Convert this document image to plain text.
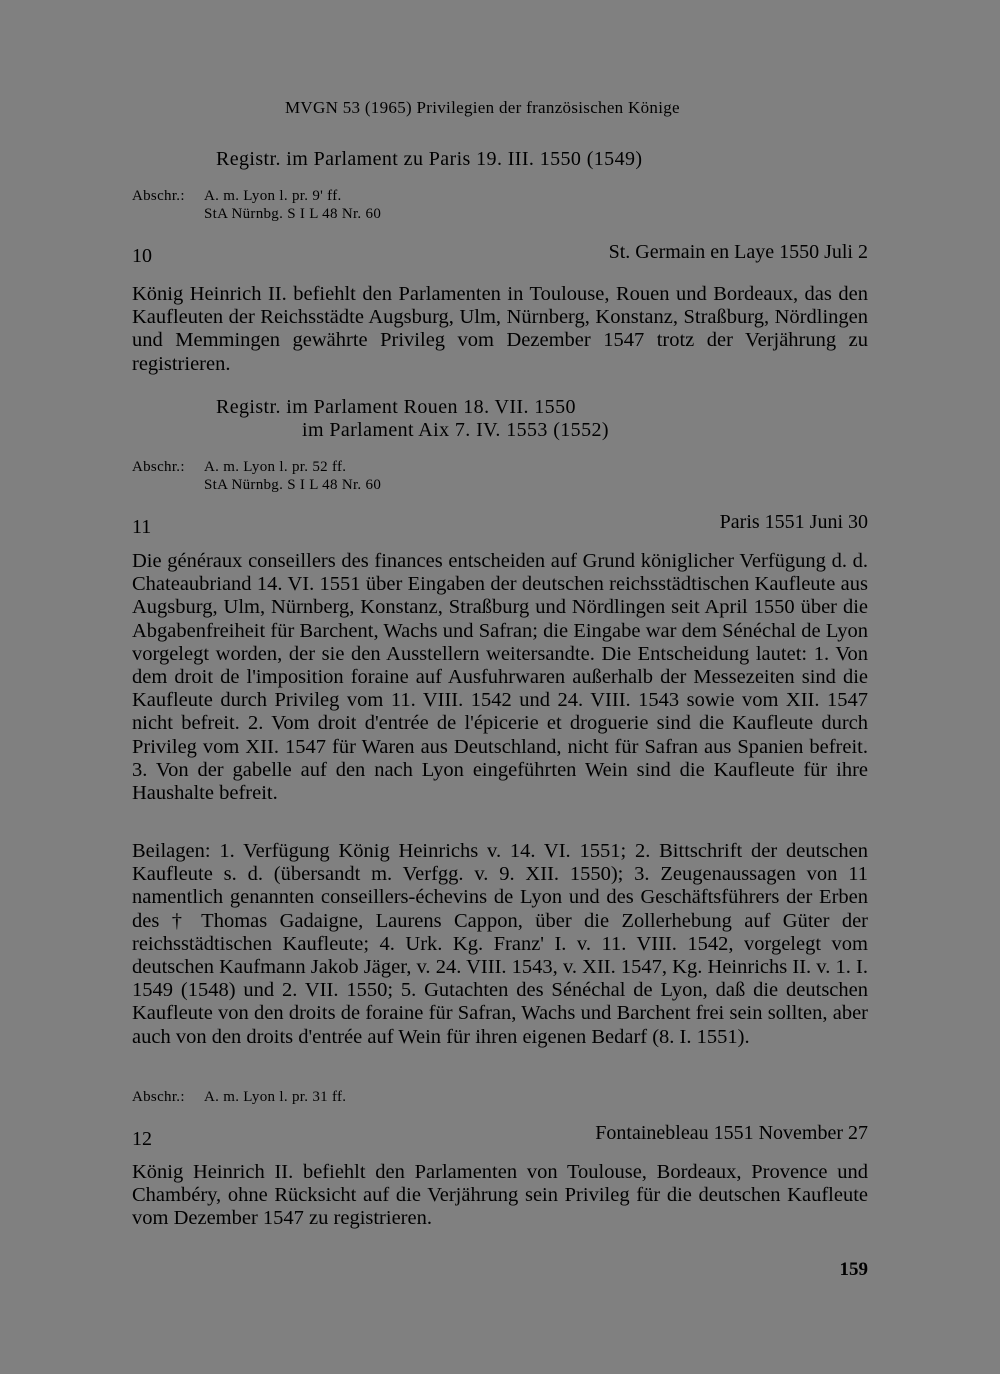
MVGN 53 (1965) Privilegien der französischen Könige
Registr. im Parlament zu Paris 19. III. 1550 (1549)
Abschr.: A. m. Lyon l. pr. 9' ff.
StA Nürnbg. S I L 48 Nr. 60
10	St. Germain en Laye 1550 Juli 2
König Heinrich II. befiehlt den Parlamenten in Toulouse, Rouen und Bordeaux, das den Kaufleuten der Reichsstädte Augsburg, Ulm, Nürnberg, Konstanz, Straßburg, Nördlingen und Memmingen gewährte Privileg vom Dezember 1547 trotz der Verjährung zu registrieren.
Registr. im Parlament Rouen 18. VII. 1550
im Parlament Aix 7. IV. 1553 (1552)
Abschr.: A. m. Lyon l. pr. 52 ff.
StA Nürnbg. S I L 48 Nr. 60
11	Paris 1551 Juni 30
Die généraux conseillers des finances entscheiden auf Grund königlicher Verfügung d. d. Chateaubriand 14. VI. 1551 über Eingaben der deutschen reichsstädtischen Kaufleute aus Augsburg, Ulm, Nürnberg, Konstanz, Straßburg und Nördlingen seit April 1550 über die Abgabenfreiheit für Barchent, Wachs und Safran; die Eingabe war dem Sénéchal de Lyon vorgelegt worden, der sie den Ausstellern weitersandte. Die Entscheidung lautet: 1. Von dem droit de l'imposition foraine auf Ausfuhrwaren außerhalb der Messezeiten sind die Kaufleute durch Privileg vom 11. VIII. 1542 und 24. VIII. 1543 sowie vom XII. 1547 nicht befreit. 2. Vom droit d'entrée de l'épicerie et droguerie sind die Kaufleute durch Privileg vom XII. 1547 für Waren aus Deutschland, nicht für Safran aus Spanien befreit. 3. Von der gabelle auf den nach Lyon eingeführten Wein sind die Kaufleute für ihre Haushalte befreit.
Beilagen: 1. Verfügung König Heinrichs v. 14. VI. 1551; 2. Bittschrift der deutschen Kaufleute s. d. (übersandt m. Verfgg. v. 9. XII. 1550); 3. Zeugenaussagen von 11 namentlich genannten conseillers-échevins de Lyon und des Geschäftsführers der Erben des † Thomas Gadaigne, Laurens Cappon, über die Zollerhebung auf Güter der reichsstädtischen Kaufleute; 4. Urk. Kg. Franz' I. v. 11. VIII. 1542, vorgelegt vom deutschen Kaufmann Jakob Jäger, v. 24. VIII. 1543, v. XII. 1547, Kg. Heinrichs II. v. 1. I. 1549 (1548) und 2. VII. 1550; 5. Gutachten des Sénéchal de Lyon, daß die deutschen Kaufleute von den droits de foraine für Safran, Wachs und Barchent frei sein sollten, aber auch von den droits d'entrée auf Wein für ihren eigenen Bedarf (8. I. 1551).
Abschr.: A. m. Lyon l. pr. 31 ff.
12	Fontainebleau 1551 November 27
König Heinrich II. befiehlt den Parlamenten von Toulouse, Bordeaux, Provence und Chambéry, ohne Rücksicht auf die Verjährung sein Privileg für die deutschen Kaufleute vom Dezember 1547 zu registrieren.
159
